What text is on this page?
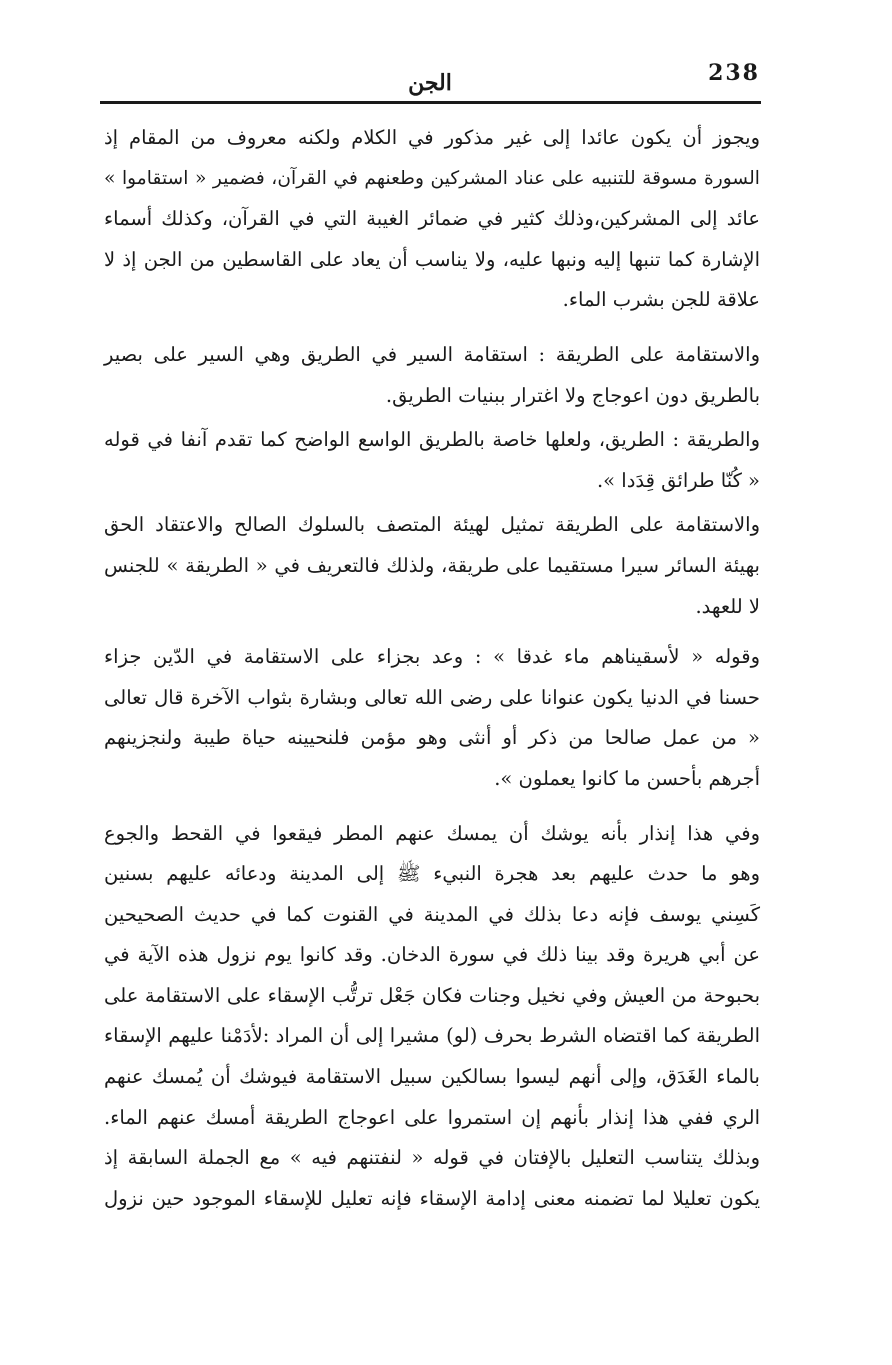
238
الجن

ويجوز أن يكون عائدا إلى غير مذكور في الكلام ولكنه معروف من المقام إذ
السورة مسوقة للتنبيه على عناد المشركين وطعنهم في القرآن، فضمير « استقاموا »
عائد إلى المشركين،وذلك كثير في ضمائر الغيبة التي في القرآن، وكذلك أسماء
الإشارة كما تنبها إليه ونبها عليه، ولا يناسب أن يعاد على القاسطين من الجن إذ لا
علاقة للجن بشرب الماء.

والاستقامة على الطريقة : استقامة السير في الطريق وهي السير على بصير
بالطريق دون اعوجاج ولا اغترار ببنيات الطريق.

والطريقة : الطريق، ولعلها خاصة بالطريق الواسع الواضح كما تقدم آنفا في قوله
« كُنّا طرائق قِدَدا ».

والاستقامة على الطريقة تمثيل لهيئة المتصف بالسلوك الصالح والاعتقاد الحق
بهيئة السائر سيرا مستقيما على طريقة، ولذلك فالتعريف في « الطريقة » للجنس
لا للعهد.

وقوله « لأسقيناهم ماء غدقا » : وعد بجزاء على الاستقامة في الدّين جزاء
حسنا في الدنيا يكون عنوانا على رضى الله تعالى وبشارة بثواب الآخرة قال تعالى
« من عمل صالحا من ذكر أو أنثى وهو مؤمن فلنحيينه حياة طيبة ولنجزينهم
أجرهم بأحسن ما كانوا يعملون ».

وفي هذا إنذار بأنه يوشك أن يمسك عنهم المطر فيقعوا في القحط والجوع
وهو ما حدث عليهم بعد هجرة النبيء ﷺ إلى المدينة ودعائه عليهم بسنين
كَسِني يوسف فإنه دعا بذلك في المدينة في القنوت كما في حديث الصحيحين
عن أبي هريرة وقد بينا ذلك في سورة الدخان. وقد كانوا يوم نزول هذه الآية في
بحبوحة من العيش وفي نخيل وجنات فكان جَعْل ترتُّب الإسقاء على الاستقامة على
الطريقة كما اقتضاه الشرط بحرف (لو) مشيرا إلى أن المراد :لأدَمْنا عليهم الإسقاء
بالماء الغَدَق، وإلى أنهم ليسوا بسالكين سبيل الاستقامة فيوشك أن يُمسك عنهم
الري ففي هذا إنذار بأنهم إن استمروا على اعوجاج الطريقة أمسك عنهم الماء.
وبذلك يتناسب التعليل بالإفتان في قوله « لنفتنهم فيه » مع الجملة السابقة إذ
يكون تعليلا لما تضمنه معنى إدامة الإسقاء فإنه تعليل للإسقاء الموجود حين نزول
